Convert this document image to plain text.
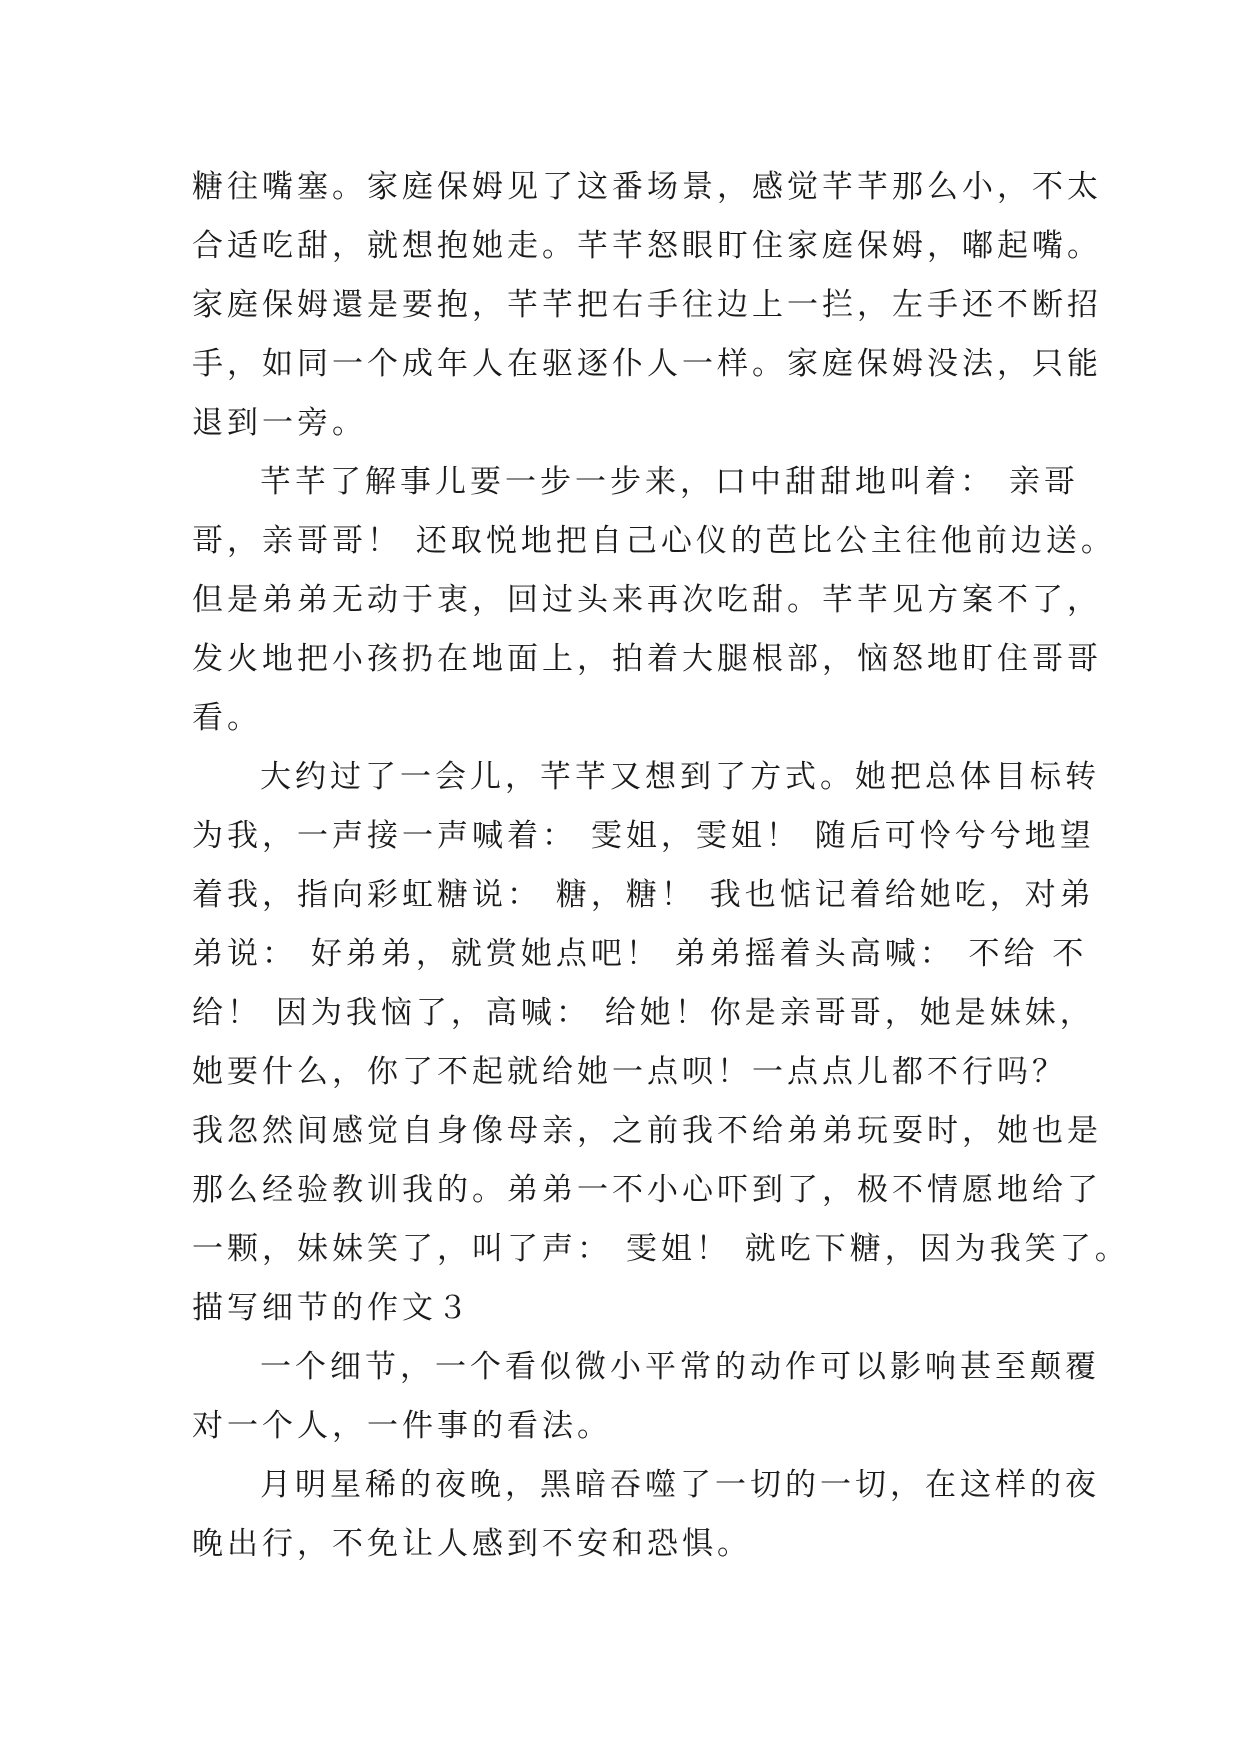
糖往嘴塞。家庭保姆见了这番场景，感觉芊芊那么小，不太
合适吃甜，就想抱她走。芊芊怒眼盯住家庭保姆，嘟起嘴。
家庭保姆還是要抱，芊芊把右手往边上一拦，左手还不断招
手，如同一个成年人在驱逐仆人一样。家庭保姆没法，只能
退到一旁。
芊芊了解事儿要一步一步来，口中甜甜地叫着： 亲哥
哥，亲哥哥！ 还取悦地把自己心仪的芭比公主往他前边送。
但是弟弟无动于衷，回过头来再次吃甜。芊芊见方案不了，
发火地把小孩扔在地面上，拍着大腿根部，恼怒地盯住哥哥
看。
大约过了一会儿，芊芊又想到了方式。她把总体目标转
为我，一声接一声喊着： 雯姐，雯姐！ 随后可怜兮兮地望
着我，指向彩虹糖说： 糖，糖！ 我也惦记着给她吃，对弟
弟说： 好弟弟，就赏她点吧！ 弟弟摇着头高喊： 不给 不
给！ 因为我恼了，高喊： 给她！你是亲哥哥，她是妹妹，
她要什么，你了不起就给她一点呗！一点点儿都不行吗？
我忽然间感觉自身像母亲，之前我不给弟弟玩耍时，她也是
那么经验教训我的。弟弟一不小心吓到了，极不情愿地给了
一颗，妹妹笑了，叫了声： 雯姐！ 就吃下糖，因为我笑了。
描写细节的作文３
一个细节，一个看似微小平常的动作可以影响甚至颠覆
对一个人，一件事的看法。
月明星稀的夜晚，黑暗吞噬了一切的一切，在这样的夜
晚出行，不免让人感到不安和恐惧。
